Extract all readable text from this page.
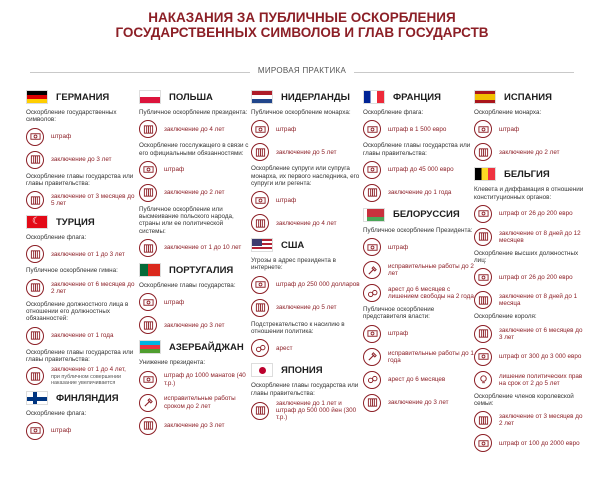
НАКАЗАНИЯ ЗА ПУБЛИЧНЫЕ ОСКОРБЛЕНИЯ
ГОСУДАРСТВЕННЫХ СИМВОЛОВ И ГЛАВ ГОСУДАРСТВ
МИРОВАЯ ПРАКТИКА
ГЕРМАНИЯ
Оскорбление государственных символов:
штраф
заключение до 3 лет
Оскорбление главы государства или главы правительства:
заключение от 3 месяцев до 5 лет
☾ ТУРЦИЯ
Оскорбление флага:
заключение от 1 до 3 лет
Публичное оскорбление гимна:
заключение от 6 месяцев до 2 лет
Оскорбление должностного лица в отношении его должностных обязанностей:
заключение от 1 года
Оскорбление главы государства или главы правительства:
заключение от 1 до 4 лет,
при публичном совершении наказание увеличивается
ФИНЛЯНДИЯ
Оскорбление флага:
штраф
ПОЛЬША
Публичное оскорбление президента:
заключение до 4 лет
Оскорбление госслужащего в связи с его официальными обязанностями:
штраф
заключение до 2 лет
Публичное оскорбление или высмеивание польского народа, страны или ее политической системы:
заключение от 1 до 10 лет
ПОРТУГАЛИЯ
Оскорбление главы государства:
штраф
заключение до 3 лет
АЗЕРБАЙДЖАН
Унижение президента:
штраф до 1000 манатов (40 т.р.)
исправительные работы сроком до 2 лет
заключение до 3 лет
НИДЕРЛАНДЫ
Публичное оскорбление монарха:
штраф
заключение до 5 лет
Оскорбление супруги или супруга монарха, их первого наследника, его супруги или регента:
штраф
заключение до 4 лет
США
Угрозы в адрес президента в интернете:
штраф до 250 000 долларов
заключение до 5 лет
Подстрекательство к насилию в отношении политика:
арест
ЯПОНИЯ
Оскорбление главы государства или главы правительства:
заключение до 1 лет и штраф до 500 000 йен (300 т.р.)
ФРАНЦИЯ
Оскорбление флага:
штраф в 1 500 евро
Оскорбление главы государства или главы правительства:
штраф до 45 000 евро
заключение до 1 года
БЕЛОРУССИЯ
Публичное оскорбление Президента:
штраф
исправительные работы до 2 лет
арест до 6 месяцев с лишением свободы на 2 года
Публичное оскорбление представителя власти:
штраф
исправительные работы до 1 года
арест до 6 месяцев
заключение до 3 лет
ИСПАНИЯ
Оскорбление монарха:
штраф
заключение до 2 лет
БЕЛЬГИЯ
Клевета и диффамация в отношении конституционных органов:
штраф от 26 до 200 евро
заключение от 8 дней до 12 месяцев
Оскорбление высших должностных лиц:
штраф от 26 до 200 евро
заключение от 8 дней до 1 месяца
Оскорбление короля:
заключение от 6 месяцев до 3 лет
штраф от 300 до 3 000 евро
лишение политических прав на срок от 2 до 5 лет
Оскорбление членов королевской семьи:
заключение от 3 месяцев до 2 лет
штраф от 100 до 2000 евро
